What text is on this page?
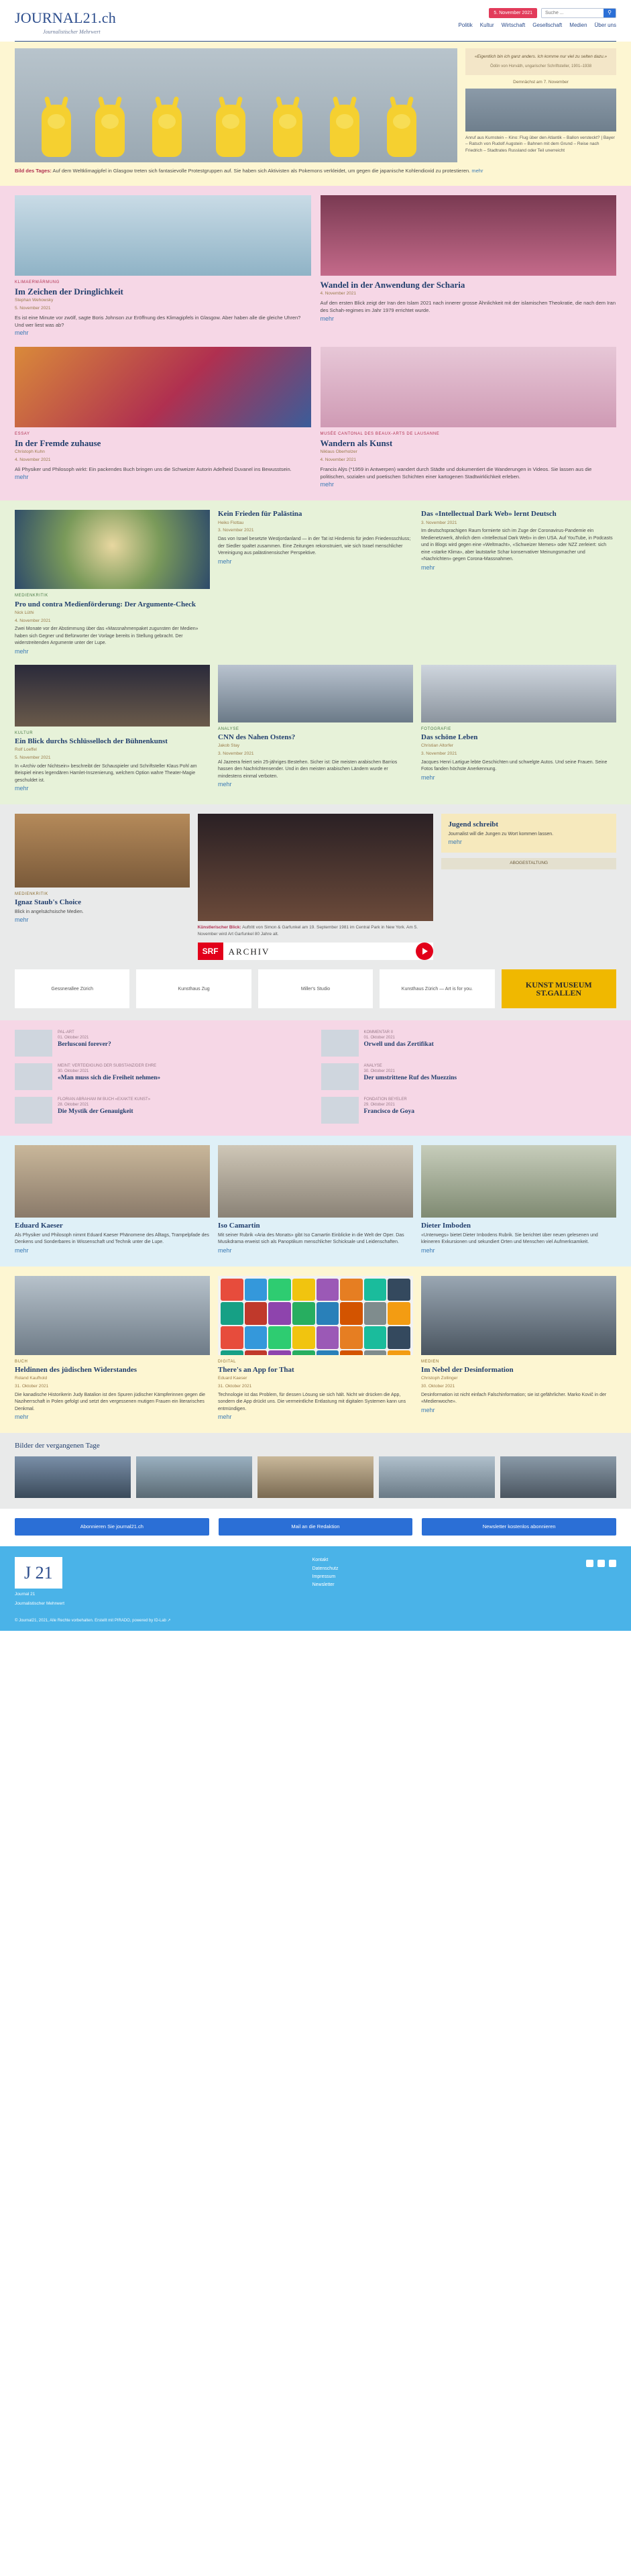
JOURNAL21.ch
Journalistischer Mehrwert
5. November 2021
Suche ...	⚲
Politik Kultur Wirtschaft Gesellschaft Medien Über uns
«Eigentlich bin ich ganz anders. Ich komme nur viel zu selten dazu.»
Ödön von Horváth, ungarischer Schriftsteller, 1901–1938
Demnächst am 7. November
Anruf aus Kurnstein – Kino: Flug über den Atlantik – Ballon versteckt? | Bayer – Ratsch von Rudolf Augstein – Bahnen mit dem Grund – Reise nach Friedrich – Stadtrates Russland oder Teil unerreicht
Bild des Tages: Auf dem Weltklimagipfel in Glasgow treten sich fantasievolle Protestgruppen auf. Sie haben sich Aktivisten als Pokemons verkleidet, um gegen die japanische Kohlendioxid zu protestieren. mehr
KLIMAERWÄRMUNG
Im Zeichen der Dringlichkeit
Stephan Wehowsky
5. November 2021
Es ist eine Minute vor zwölf, sagte Boris Johnson zur Eröffnung des Klimagipfels in Glasgow. Aber haben alle die gleiche Uhren? Und wer liest was ab?
mehr
Wandel in der Anwendung der Scharia
4. November 2021
Auf den ersten Blick zeigt der Iran den Islam 2021 nach innerer grosse Ähnlichkeit mit der islamischen Theokratie, die nach dem Iran des Schah-regimes im Jahr 1979 errichtet wurde.
mehr
ESSAY
In der Fremde zuhause
Christoph Kuhn
4. November 2021
Ali Physiker und Philosoph wirkt: Ein packendes Buch bringen uns die Schweizer Autorin Adelheid Duvanel ins Bewusstsein.
mehr
MUSÉE CANTONAL DES BEAUX-ARTS DE LAUSANNE
Wandern als Kunst
Niklaus Oberholzer
4. November 2021
Francis Alÿs (*1959 in Antwerpen) wandert durch Städte und dokumentiert die Wanderungen in Videos. Sie lassen aus die politischen, sozialen und poetischen Schichten einer kartogenen Stadtwirklichkeit erleben.
mehr
MEDIENKRITIK
Pro und contra Medienförderung: Der Argumente-Check
Nick Lüthi
4. November 2021
Zwei Monate vor der Abstimmung über das «Massnahmenpaket zugunsten der Medien» haben sich Gegner und Befürworter der Vorlage bereits in Stellung gebracht. Der widerstreitenden Argumente unter der Lupe.
mehr
Kein Frieden für Palästina
Heiko Flottau
3. November 2021
Das von Israel besetzte Westjordanland — in der Tat ist Hindernis für jeden Friedensschluss; der Siedler spaltet zusammen. Eine Zeitungen rekonstruiert, wie sich Israel menschlicher Vereinigung aus palästinensischer Perspektive.
mehr
Das «Intellectual Dark Web» lernt Deutsch
3. November 2021
Im deutschsprachigen Raum formierte sich im Zuge der Coronavirus-Pandemie ein Medienetzwerk, ähnlich dem «Intellectual Dark Web» in den USA. Auf YouTube, in Podcasts und in Blogs wird gegen eine «Weltmacht», «Schweizer Memes» oder NZZ zerleiert: sich eine «starke Klima», aber lautstarke Schar konservativer Meinungsmacher und «Nachrichten» gegen Corona-Massnahmen.
mehr
KULTUR
Ein Blick durchs Schlüsselloch der Bühnenkunst
Rolf Loeffel
5. November 2021
In «Archiv oder Nichtsein» beschreibt der Schauspieler und Schriftsteller Klaus Pohl am Beispiel eines legendären Hamlet-Inszenierung, welchem Option wahre Theater-Magie geschuldet ist.
mehr
ANALYSE
CNN des Nahen Ostens?
Jakob Stay
3. November 2021
Al Jazeera feiert sein 25-jähriges Bestehen. Sicher ist: Die meisten arabischen Barrios hassen den Nachrichtensender. Und in den meisten arabischen Ländern wurde er mindestens einmal verboten.
mehr
FOTOGRAFIE
Das schöne Leben
Christian Altorfer
3. November 2021
Jacques Henri Lartigue lebte Geschichten und schwelgte Autos. Und seine Frauen. Seine Fotos fanden höchste Anerkennung.
mehr
MEDIENKRITIK
Ignaz Staub's Choice
Blick in angelsächsische Medien.
mehr
Künstlerischer Blick: Auftritt von Simon & Garfunkel am 19. September 1981 im Central Park in New York. Am 5. November wird Art Garfunkel 80 Jahre alt.
SRF	ARCHIV
Jugend schreibt
Journalist will die Jungen zu Wort kommen lassen.
mehr
ABOGESTALTUNG
Gessnerallee Zürich	Kunsthaus Zug	Miller's Studio	Kunsthaus Zürich — Art is for you.	KUNST MUSEUM ST.GALLEN
PAL-ART
01. Oktober 2021
Berlusconi forever?
KOMMENTAR II
01. Oktober 2021
Orwell und das Zertifikat
MEINT: VERTEIDIGUNG DER SUBSTANZ/DER EHRE
30. Oktober 2021
«Man muss sich die Freiheit nehmen»
ANALYSE
30. Oktober 2021
Der umstrittene Ruf des Muezzins
FLORIAN ABRAHAM IM BUCH «EXAKTE KUNST»
28. Oktober 2021
Die Mystik der Genauigkeit
FONDATION BEYELER
29. Oktober 2021
Francisco de Goya
Eduard Kaeser
Als Physiker und Philosoph nimmt Eduard Kaeser Phänomene des Alltags, Trampelpfade des Denkens und Sonderbares in Wissenschaft und Technik unter die Lupe.
mehr
Iso Camartin
Mit seiner Rubrik «Aria des Monats» gibt Iso Camartin Einblicke in die Welt der Oper. Das Musikdrama erweist sich als Panoptikum menschlicher Schicksale und Leidenschaften.
mehr
Dieter Imboden
«Unterwegs» bietet Dieter Imbodens Rubrik. Sie berichtet über neuen gelesenen und kleineren Exkursionen und sekundiert Orten und Menschen viel Aufmerksamkeit.
mehr
BUCH
Heldinnen des jüdischen Widerstandes
Roland Kaufhold
31. Oktober 2021
Die kanadische Historikerin Judy Batalion ist den Spuren jüdischer Kämpferinnen gegen die Naziherrschaft in Polen gefolgt und setzt den vergessenen mutigen Frauen ein literarisches Denkmal.
mehr
DIGITAL
There's an App for That
Eduard Kaeser
31. Oktober 2021
Technologie ist das Problem, für dessen Lösung sie sich hält. Nicht wir drücken die App, sondern die App drückt uns. Die vermeintliche Entlastung mit digitalen Systemen kann uns entmündigen.
mehr
MEDIEN
Im Nebel der Desinformation
Christoph Zollinger
30. Oktober 2021
Desinformation ist nicht einfach Falschinformation; sie ist gefährlicher. Marko Kovič in der «Medienwoche».
mehr
Bilder der vergangenen Tage
Abonnieren Sie journal21.ch	Mail an die Redaktion	Newsletter kostenlos abonnieren
J 21
Journal 21
Journalistischer Mehrwert
Kontakt
Datenschutz
Impressum
Newsletter
© Journal21, 2021, Alle Rechte vorbehalten. Erstellt mit PIRADO, powered by ID-Lab ↗
